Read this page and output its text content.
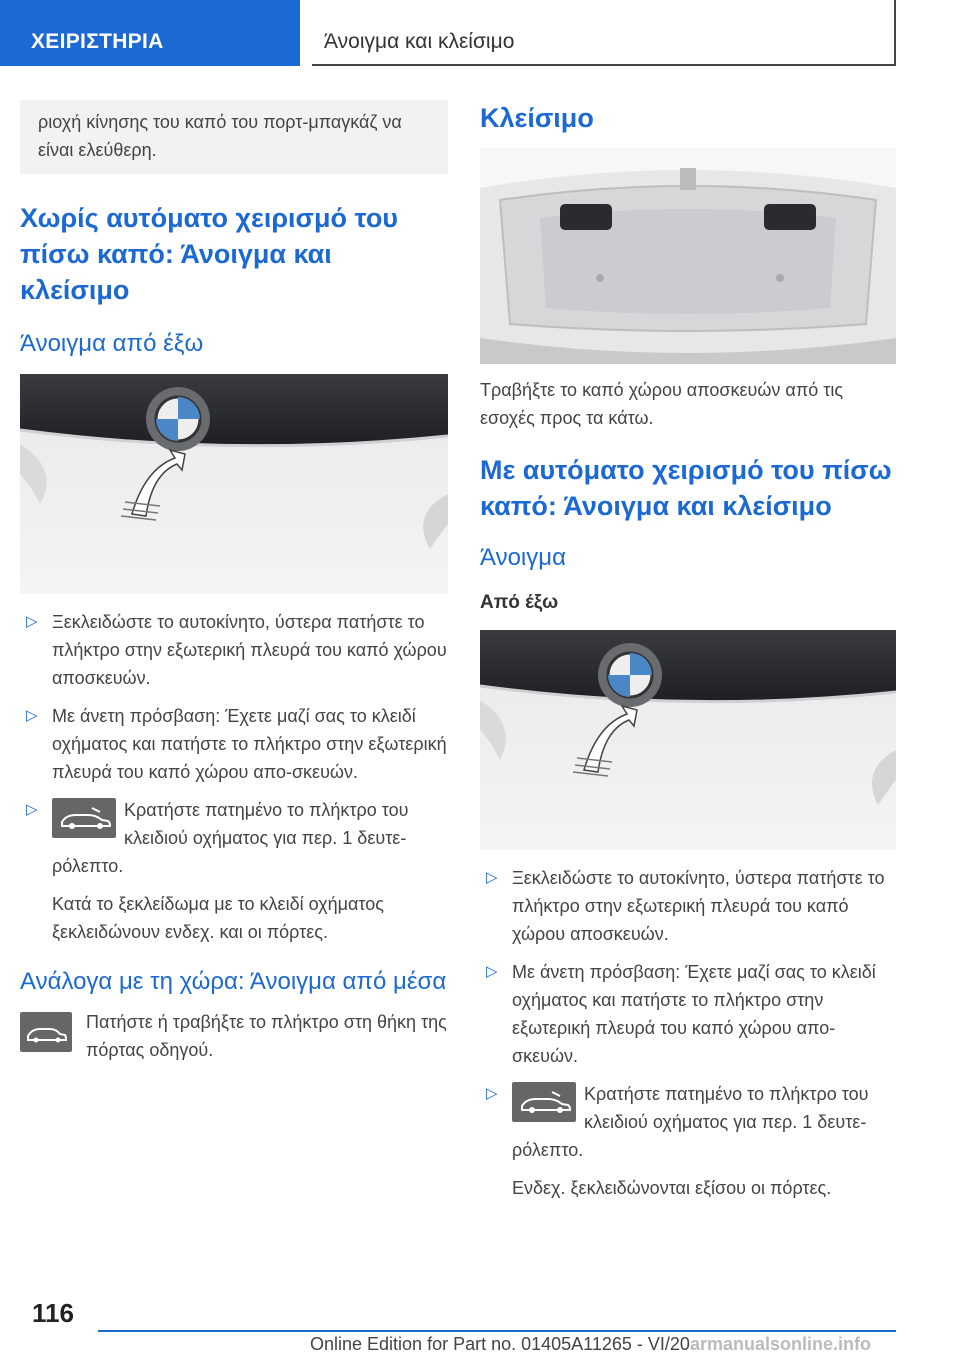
ΧΕΙΡΙΣΤΗΡΙΑ	Άνοιγμα και κλείσιμο
ριοχή κίνησης του καπό του πορτ-μπαγκάζ να είναι ελεύθερη.
Χωρίς αυτόματο χειρισμό του πίσω καπό: Άνοιγμα και κλείσιμο
Άνοιγμα από έξω
▷ Ξεκλειδώστε το αυτοκίνητο, ύστερα πατήστε το πλήκτρο στην εξωτερική πλευρά του καπό χώρου αποσκευών.
▷ Με άνετη πρόσβαση: Έχετε μαζί σας το κλειδί οχήματος και πατήστε το πλήκτρο στην εξωτερική πλευρά του καπό χώρου απο-σκευών.
▷	Κρατήστε πατημένο το πλήκτρο του κλειδιού οχήματος για περ. 1 δευτε-ρόλεπτο.

Κατά το ξεκλείδωμα με το κλειδί οχήματος ξεκλειδώνουν ενδεχ. και οι πόρτες.

Ανάλογα με τη χώρα: Άνοιγμα από μέσα

Πατήστε ή τραβήξτε το πλήκτρο στη θήκη της πόρτας οδηγού.

Κλείσιμο

Τραβήξτε το καπό χώρου αποσκευών από τις εσοχές προς τα κάτω.

Με αυτόματο χειρισμό του πίσω καπό: Άνοιγμα και κλείσιμο
Άνοιγμα
Από έξω
▷ Ξεκλειδώστε το αυτοκίνητο, ύστερα πατήστε το πλήκτρο στην εξωτερική πλευρά του καπό χώρου αποσκευών.
▷ Με άνετη πρόσβαση: Έχετε μαζί σας το κλειδί οχήματος και πατήστε το πλήκτρο στην εξωτερική πλευρά του καπό χώρου απο-σκευών.
▷	Κρατήστε πατημένο το πλήκτρο του κλειδιού οχήματος για περ. 1 δευτε-ρόλεπτο.

Ενδεχ. ξεκλειδώνονται εξίσου οι πόρτες.

116
Online Edition for Part no. 01405A11265 - VI/20 armanualsonline.info
